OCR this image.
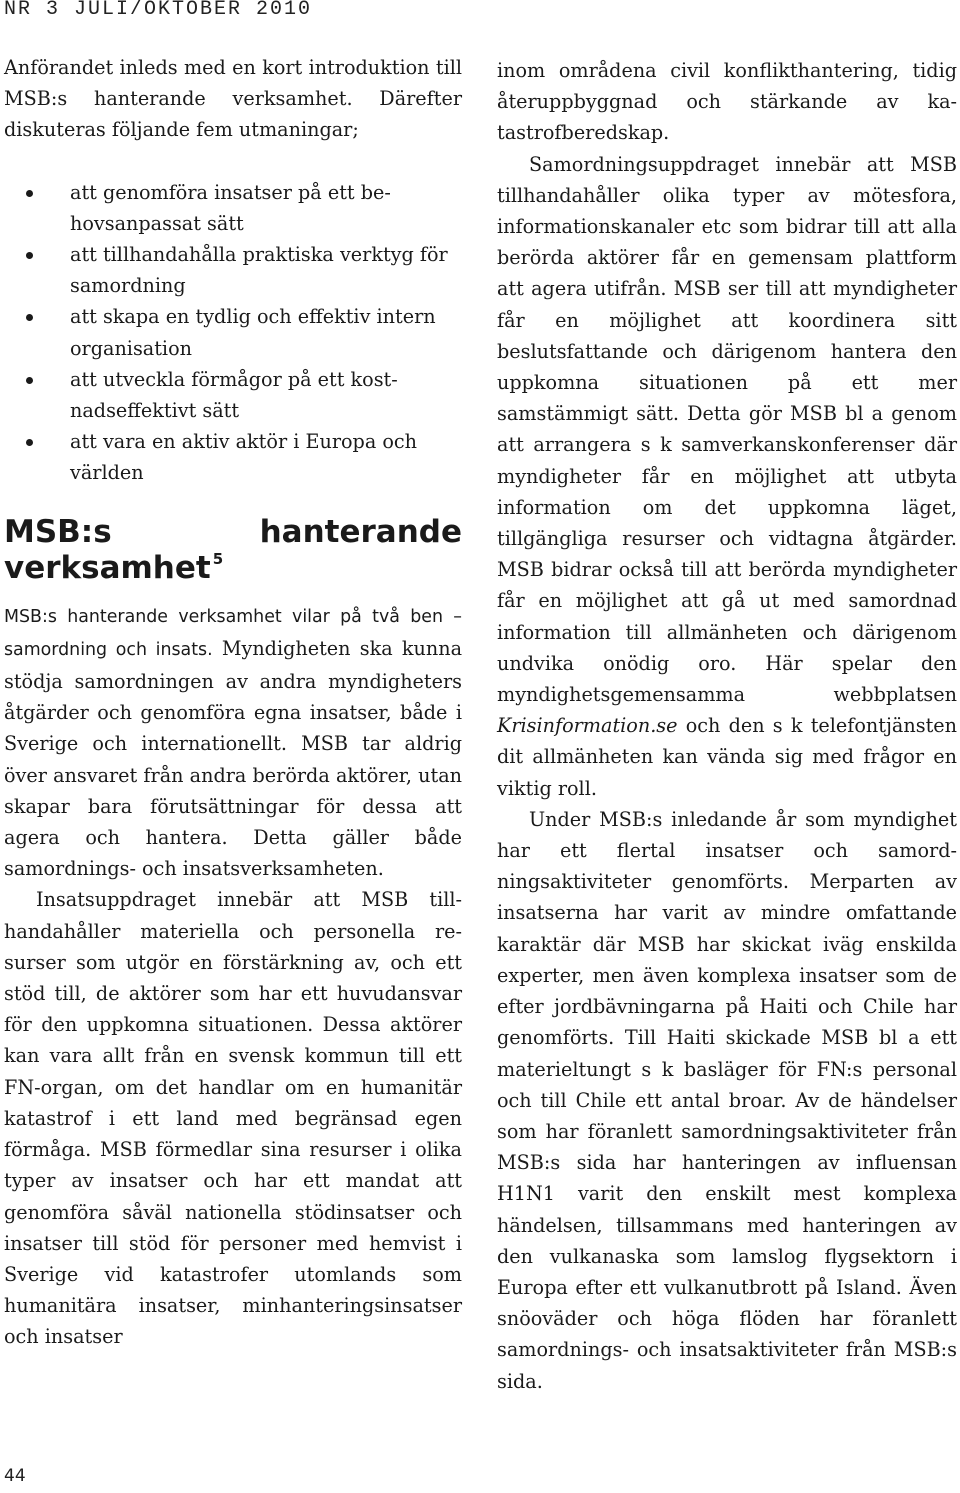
NR 3 JULI/OKTOBER 2010

Anförandet inleds med en kort introduktion till MSB:s hanterande verksamhet. Därefter diskuteras följande fem utmaningar;

att genomföra insatser på ett behovsanpassat sätt
att tillhandahålla praktiska verktyg för samordning
att skapa en tydlig och effektiv intern organisation
att utveckla förmågor på ett kostnadseffektivt sätt
att vara en aktiv aktör i Europa och världen
MSB:s hanterande verksamhet $^5$

MSB:s hanterande verksamhet vilar på två ben – samordning och insats. Myndigheten ska kunna stödja samordningen av andra myndigheters åtgärder och genomföra egna insatser, både i Sverige och internationellt. MSB tar aldrig över ansvaret från andra berörda aktörer, utan skapar bara förutsättningar för dessa att agera och hantera. Detta gäller både samordnings- och insatsverksamheten.

Insatsuppdraget innebär att MSB tillhandahåller materiella och personella resurser som utgör en förstärkning av, och ett stöd till, de aktörer som har ett huvudansvar för den uppkomna situationen. Dessa aktörer kan vara allt från en svensk kommun till ett FN-organ, om det handlar om en humanitär katastrof i ett land med begränsad egen förmåga. MSB förmedlar sina resurser i olika typer av insatser och har ett mandat att genomföra såväl nationella stödinsatser och insatser till stöd för personer med hemvist i Sverige vid katastrofer utomlands som humanitära insatser, minhanteringsinsatser och insatser

inom områdena civil konflikthantering, tidig återuppbyggnad och stärkande av katastrofberedskap.

Samordningsuppdraget innebär att MSB tillhandahåller olika typer av mötesfora, informationskanaler etc som bidrar till att alla berörda aktörer får en gemensam plattform att agera utifrån. MSB ser till att myndigheter får en möjlighet att koordinera sitt beslutsfattande och därigenom hantera den uppkomna situationen på ett mer samstämmigt sätt. Detta gör MSB bl a genom att arrangera s k samverkanskonferenser där myndigheter får en möjlighet att utbyta information om det uppkomna läget, tillgängliga resurser och vidtagna åtgärder. MSB bidrar också till att berörda myndigheter får en möjlighet att gå ut med samordnad information till allmänheten och därigenom undvika onödig oro. Här spelar den myndighetsgemensamma webbplatsen Krisinformation.se och den s k telefontjänsten dit allmänheten kan vända sig med frågor en viktig roll.

Under MSB:s inledande år som myndighet har ett flertal insatser och samordningsaktiviteter genomförts. Merparten av insatserna har varit av mindre omfattande karaktär där MSB har skickat iväg enskilda experter, men även komplexa insatser som de efter jordbävningarna på Haiti och Chile har genomförts. Till Haiti skickade MSB bl a ett materieltungt s k basläger för FN:s personal och till Chile ett antal broar. Av de händelser som har föranlett samordningsaktiviteter från MSB:s sida har hanteringen av influensan H1N1 varit den enskilt mest komplexa händelsen, tillsammans med hanteringen av den vulkanaska som lamslog flygsektorn i Europa efter ett vulkanutbrott på Island. Även snöoväder och höga flöden har föranlett samordnings- och insatsaktiviteter från MSB:s sida.

44
